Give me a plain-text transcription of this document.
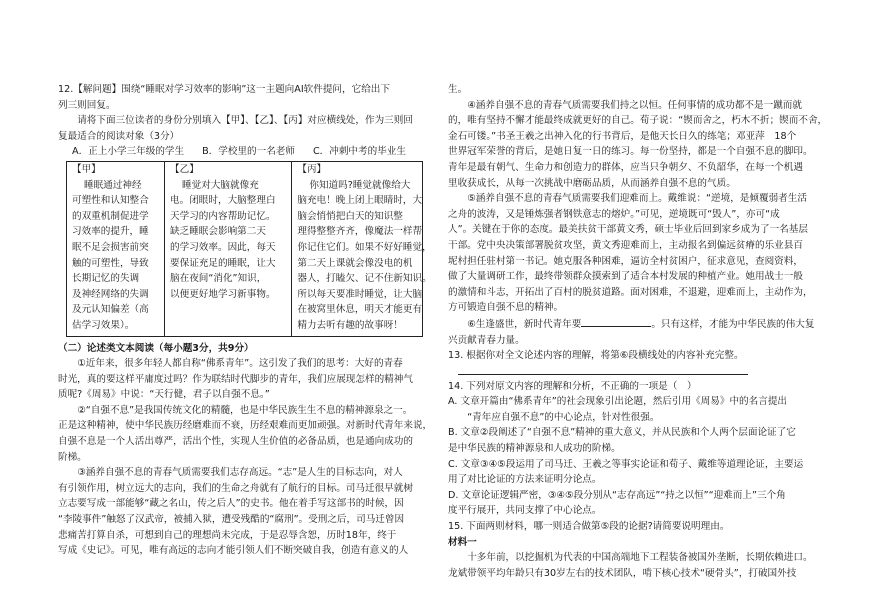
12.【解问题】围绕“睡眠对学习效率的影响”这一主题向AI软件提问，它给出下

列三则回复。

请将下面三位读者的身份分别填入【甲】、【乙】、【丙】对应横线处，作为三则回

复最适合的阅读对象（3分）

A．正上小学三年级的学生 B．学校里的一名老师 C．冲刺中考的毕业生
【甲】
睡眠通过神经
可塑性和认知整合
的双重机制促进学
习效率的提升，睡
眠不足会损害前突
触的可塑性，导致
长期记忆的失调
及神经网络的失调
及元认知偏差（高
估学习效果）。

【乙】
睡觉对大脑就像充
电。闭眼时，大脑整理白
天学习的内容帮助记忆。
缺乏睡眠会影响第二天
的学习效率。因此，每天
要保证充足的睡眠，让大
脑在夜间“消化”知识，
以便更好地学习新事物。

【丙】
你知道吗?睡觉就像给大
脑充电！晚上闭上眼睛时，大
脑会悄悄把白天的知识整
理得整整齐齐，像魔法一样帮
你记住它们。如果不好好睡觉，
第二天上课就会像没电的机
器人，打瞌欠、记不住新知识。
所以每天要准时睡觉，让大脑
在被窝里休息，明天才能更有
精力去听有趣的故事呀！

（二）论述类文本阅读（每小题3分，共9分）

①近年来，很多年轻人都自称“佛系青年”。这引发了我们的思考：大好的青春

时光，真的要这样平庸度过吗？作为联结时代脚步的青年，我们应展现怎样的精神气

质呢?《周易》中说：“天行健，君子以自强不息。”

②“自强不息”是我国传统文化的精髓，也是中华民族生生不息的精神源泉之一。

正是这种精神，使中华民族历经磨难而不衰，历经艰难而更加顽强。对新时代青年来说，

自强不息是一个人活出尊严，活出个性，实现人生价值的必备品质，也是通向成功的

阶梯。

③涵养自强不息的青春气质需要我们志存高远。“志”是人生的目标志向，对人

有引领作用，树立远大的志向，我们的生命之舟就有了航行的目标。司马迁很早就树

立志要写成一部能够“藏之名山，传之后人”的史书。他在着手写这部书的时候，因

“李陵事件”触怒了汉武帝，被捕入狱，遭受残酷的“腐刑”。受刑之后，司马迁曾因

悲痛苦打算自杀，可想到自己的理想尚未完成，于是忍辱含恕，历时18年，终于

写成《史记》。可见，唯有高远的志向才能引领人们不断突破自我，创造有意义的人

生。

④涵养自强不息的青春气质需要我们持之以恒。任何事情的成功都不是一蹴而就

的，唯有坚持不懈才能最终成就更好的自己。荀子说：“锲而舍之，朽木不折；锲而不舍，

金石可镂。”书圣王羲之出神入化的行书背后，是他天长日久的练笔；邓亚萍　18个

世界冠军荣誉的背后，是她日复一日的练习。每一份坚持，都是一个自强不息的脚印。

青年是最有朝气、生命力和创造力的群体，应当只争朝夕、不负韶华，在每一个机遇

里收获成长，从每一次挑战中磨砺品质，从而涵养自强不息的气质。

⑤涵养自强不息的青春气质需要我们迎难而上。戴维说：“逆境，是倾覆弱者生活

之舟的波涛，又是锤炼强者钢铁意志的熔炉。”可见，逆境既可“毁人”，亦可“成

人”。关键在于你的态度。最美扶贫干部黄文秀，硕士毕业后回到家乡成为了一名基层

干部。党中央决策部署脱贫攻坚，黄文秀迎难而上，主动报名到偏远贫瘠的乐业县百

坭村担任驻村第一书记。她克服各种困难，逼访全村贫困户，征求意见，查阅资料，

做了大量调研工作，最终带领群众摸索到了适合本村发展的种植产业。她用战士一般

的激情和斗志，开拓出了百村的脱贫道路。面对困难，不退避，迎难而上，主动作为，

方可锻造自强不息的精神。

⑥生逢盛世，新时代青年要	。只有这样，才能为中华民族的伟大复

兴贡献青春力量。

13. 根据你对全文论述内容的理解，将第⑥段横线处的内容补充完整。

14. 下列对原文内容的理解和分析，不正确的一项是（　）

A. 文章开篇由“佛系青年”的社会现象引出论题，然后引用《周易》中的名言提出

“青年应自强不息”的中心论点，针对性很强。

B. 文章②段阐述了“自强不息”精神的重大意义，并从民族和个人两个层面论证了它

是中华民族的精神源泉和人成功的阶梯。

C. 文章③④⑤段运用了司马迁、王羲之等事实论证和荀子、戴维等道理论证，主要运

用了对比论证的方法来证明分论点。

D. 文章论证逻辑严密，③④⑤段分别从“志存高远”“持之以恒”“迎难而上”三个角

度平行展开，共同支撑了中心论点。

15. 下面两则材料，哪一则适合做第⑤段的论据?请简要说明理由。

材料一

十多年前，以挖掘机为代表的中国高端地下工程装备被国外垄断，长期依赖进口。

龙斌带领平均年龄只有30岁左右的技术团队，啃下核心技术“硬骨头”，打破国外技
